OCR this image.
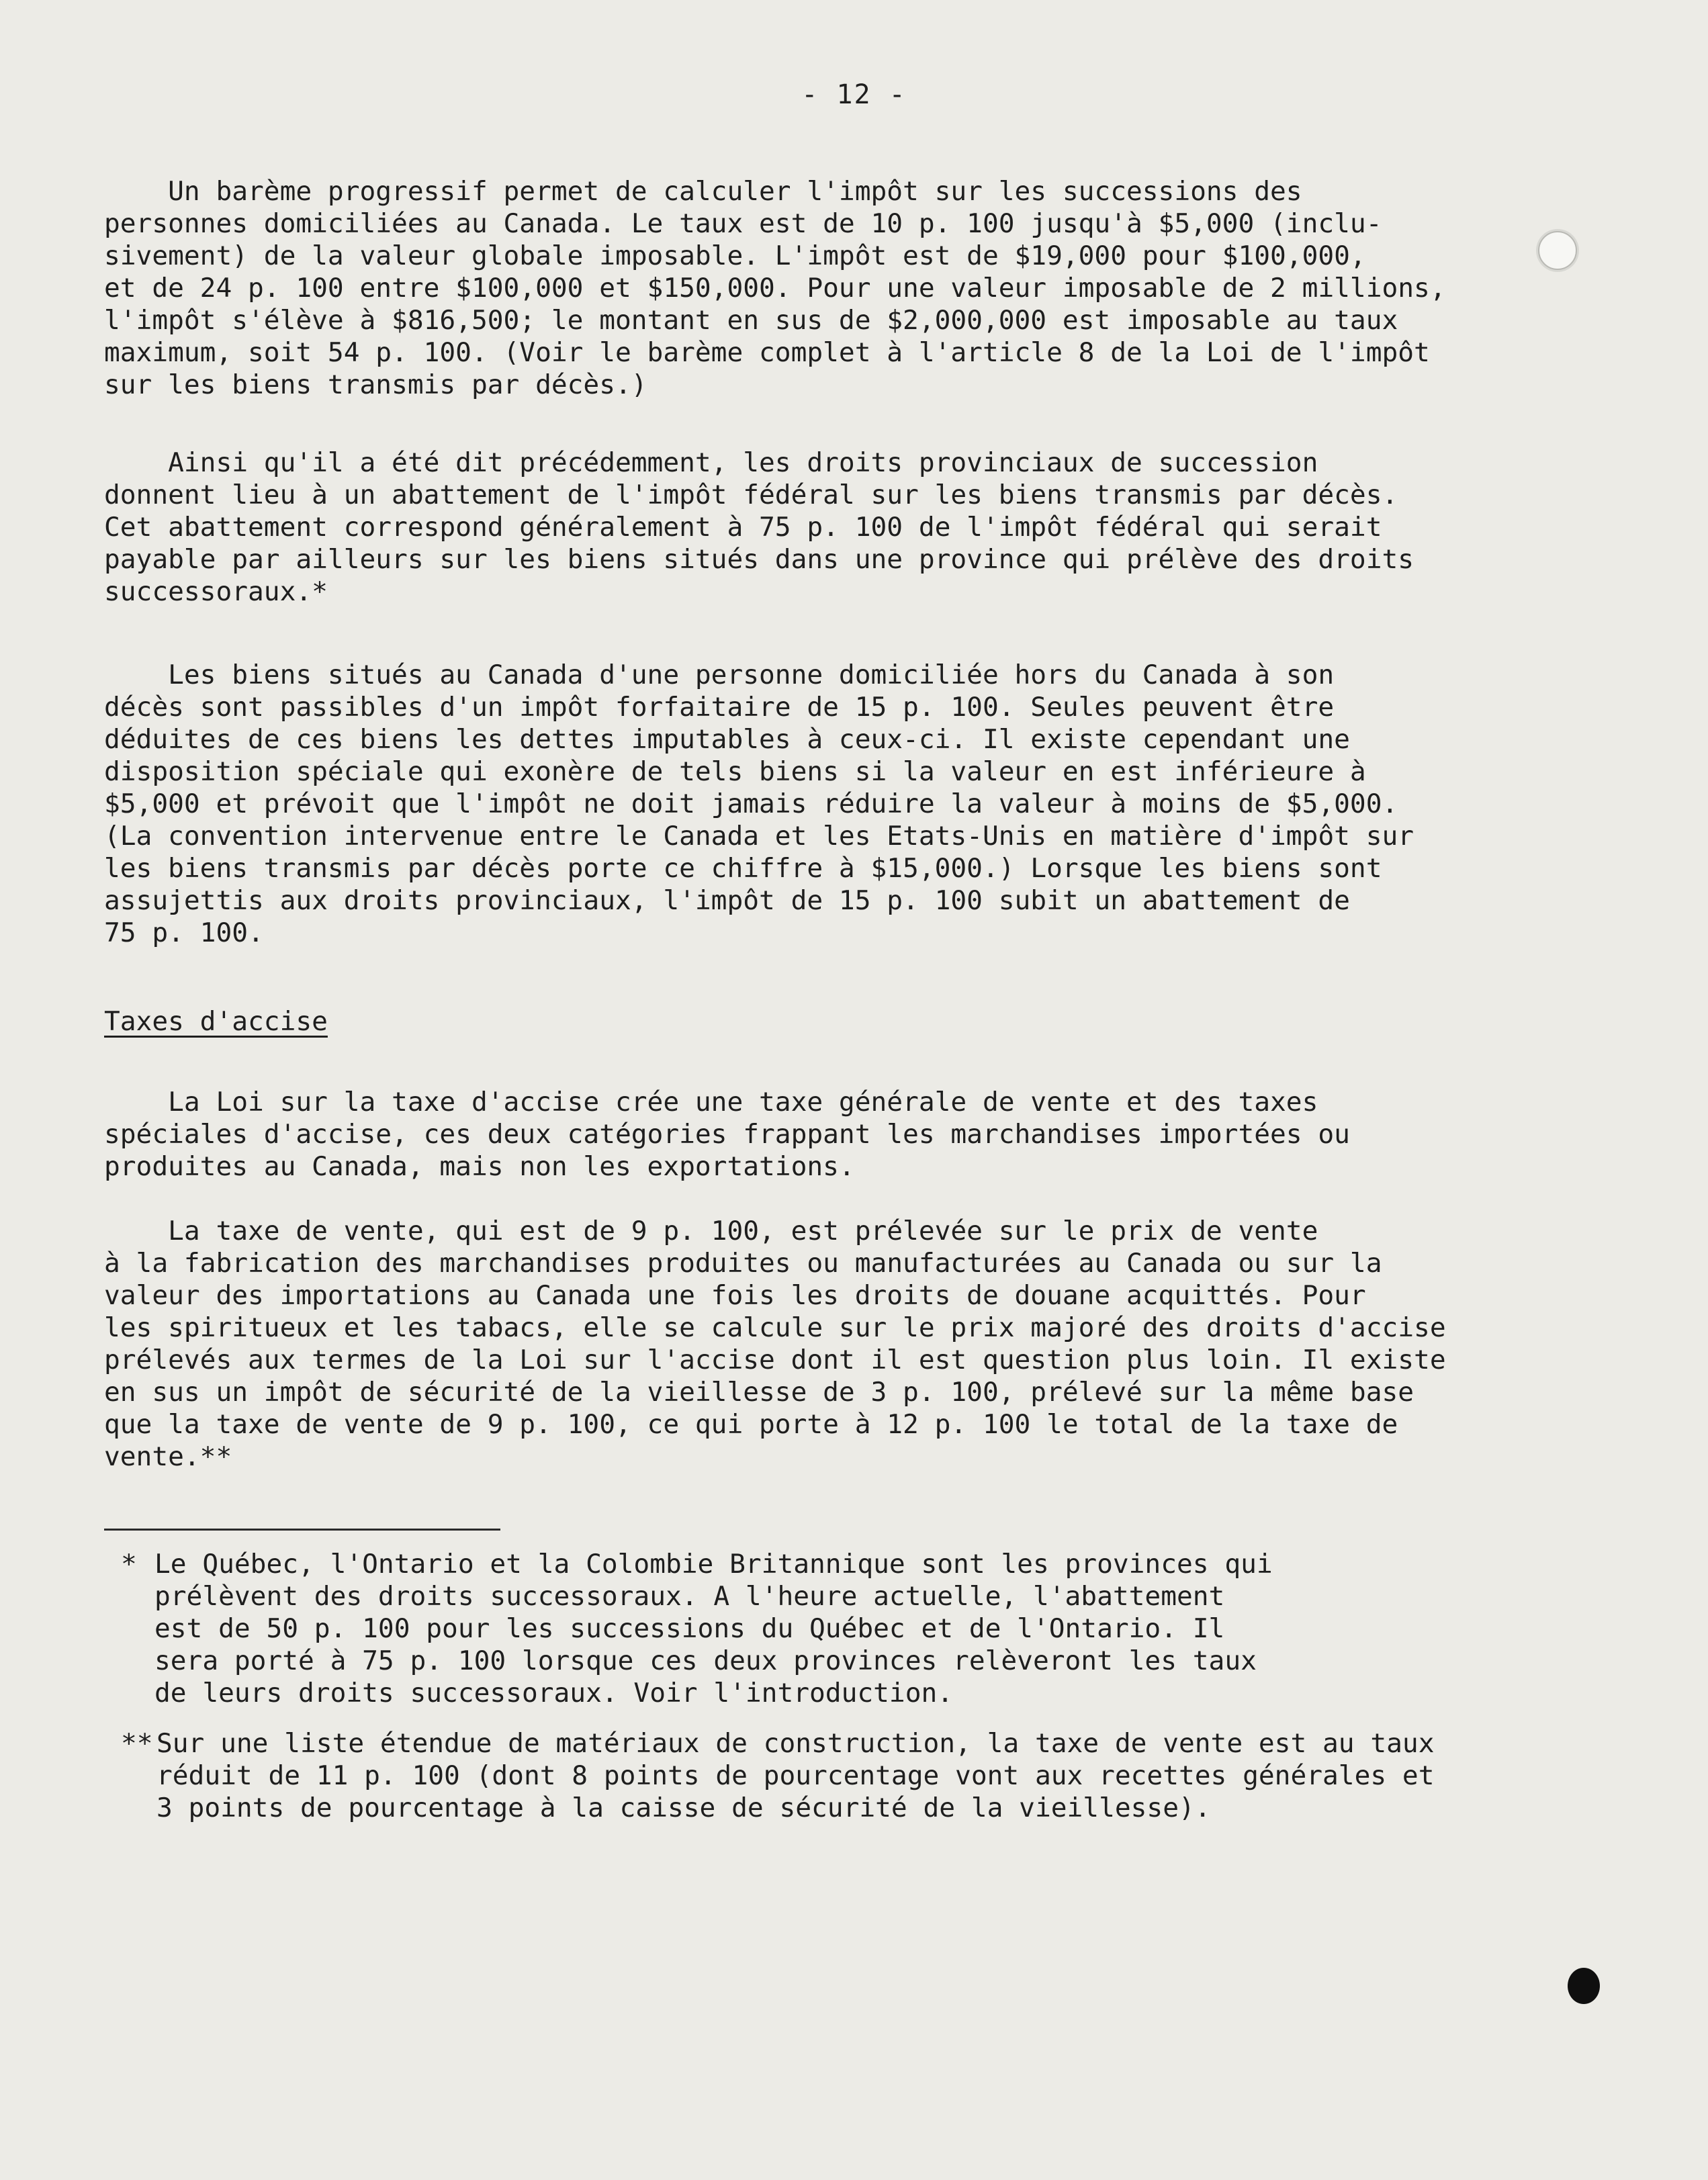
- 12 -
Un barème progressif permet de calculer l'impôt sur les successions des
personnes domiciliées au Canada. Le taux est de 10 p. 100 jusqu'à $5,000 (inclu-
sivement) de la valeur globale imposable. L'impôt est de $19,000 pour $100,000,
et de 24 p. 100 entre $100,000 et $150,000. Pour une valeur imposable de 2 millions,
l'impôt s'élève à $816,500; le montant en sus de $2,000,000 est imposable au taux
maximum, soit 54 p. 100. (Voir le barème complet à l'article 8 de la Loi de l'impôt
sur les biens transmis par décès.)
Ainsi qu'il a été dit précédemment, les droits provinciaux de succession
donnent lieu à un abattement de l'impôt fédéral sur les biens transmis par décès.
Cet abattement correspond généralement à 75 p. 100 de l'impôt fédéral qui serait
payable par ailleurs sur les biens situés dans une province qui prélève des droits
successoraux.*
Les biens situés au Canada d'une personne domiciliée hors du Canada à son
décès sont passibles d'un impôt forfaitaire de 15 p. 100. Seules peuvent être
déduites de ces biens les dettes imputables à ceux-ci. Il existe cependant une
disposition spéciale qui exonère de tels biens si la valeur en est inférieure à
$5,000 et prévoit que l'impôt ne doit jamais réduire la valeur à moins de $5,000.
(La convention intervenue entre le Canada et les Etats-Unis en matière d'impôt sur
les biens transmis par décès porte ce chiffre à $15,000.) Lorsque les biens sont
assujettis aux droits provinciaux, l'impôt de 15 p. 100 subit un abattement de
75 p. 100.
Taxes d'accise
La Loi sur la taxe d'accise crée une taxe générale de vente et des taxes
spéciales d'accise, ces deux catégories frappant les marchandises importées ou
produites au Canada, mais non les exportations.
La taxe de vente, qui est de 9 p. 100, est prélevée sur le prix de vente
à la fabrication des marchandises produites ou manufacturées au Canada ou sur la
valeur des importations au Canada une fois les droits de douane acquittés. Pour
les spiritueux et les tabacs, elle se calcule sur le prix majoré des droits d'accise
prélevés aux termes de la Loi sur l'accise dont il est question plus loin. Il existe
en sus un impôt de sécurité de la vieillesse de 3 p. 100, prélevé sur la même base
que la taxe de vente de 9 p. 100, ce qui porte à 12 p. 100 le total de la taxe de
vente.**
* Le Québec, l'Ontario et la Colombie Britannique sont les provinces qui
prélèvent des droits successoraux. A l'heure actuelle, l'abattement
est de 50 p. 100 pour les successions du Québec et de l'Ontario. Il
sera porté à 75 p. 100 lorsque ces deux provinces relèveront les taux
de leurs droits successoraux. Voir l'introduction.
** Sur une liste étendue de matériaux de construction, la taxe de vente est au taux
réduit de 11 p. 100 (dont 8 points de pourcentage vont aux recettes générales et
3 points de pourcentage à la caisse de sécurité de la vieillesse).
